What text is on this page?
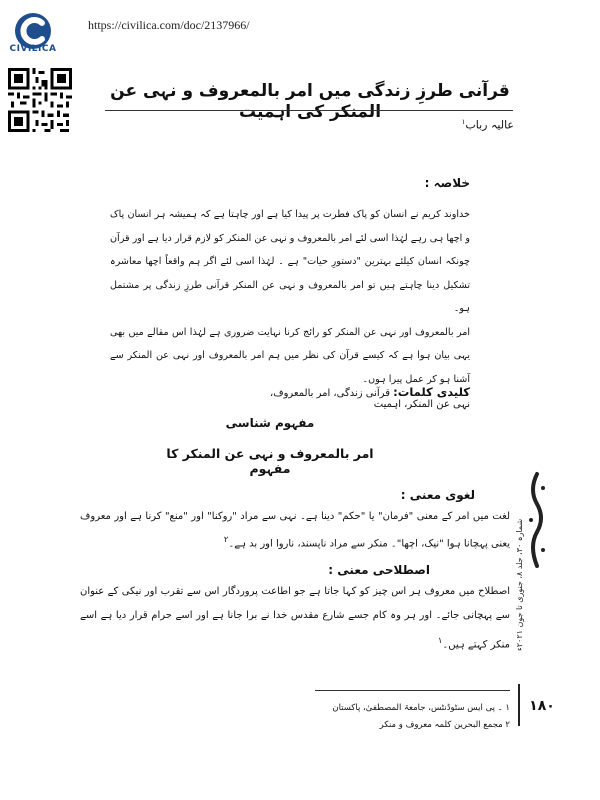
CIVILICA
https://civilica.com/doc/2137966/
قرآنی طرزِ زندگی میں امر بالمعروف و نہی عن المنکر کی اہمیت
عالیہ رباب$^١$
خلاصہ :

خداوند کریم نے انسان کو پاک فطرت پر پیدا کیا ہے اور چاہتا ہے کہ ہمیشہ ہر انسان پاک و اچھا ہی رہے لہٰذا اسی لئے امر بالمعروف و نہی عن المنکر کو لازم قرار دیا ہے اور قرآن چونکہ انسان کیلئے بہترین "دستورِ حیات" ہے ۔ لہٰذا اسی لئے اگر ہم واقعاً اچھا معاشرہ تشکیل دینا چاہتے ہیں تو امر بالمعروف و نہی عن المنکر قرآنی طرزِ زندگی پر مشتمل ہو۔

امر بالمعروف اور نہی عن المنکر کو رائج کرنا نہایت ضروری ہے لہٰذا اس مقالے میں بھی یہی بیان ہوا ہے کہ کیسے قرآن کی نظر میں ہم امر بالمعروف اور نہی عن المنکر سے آشنا ہو کر عمل پیرا ہوں۔

کلیدی کلمات: قرآنی زندگی، امر بالمعروف، نہی عن المنکر، اہمیت
مفہوم شناسی
امر بالمعروف و نہی عن المنکر کا مفہوم
لغوی معنی :

لغت میں امر کے معنی "فرمان" یا "حکم" دینا ہے۔ نہی سے مراد "روکنا" اور "منع" کرنا ہے اور معروف یعنی پہچانا ہوا "نیک، اچھا"۔ منکر سے مراد ناپسند، ناروا اور بد ہے۔$^٢$

اصطلاحی معنی :

اصطلاح میں معروف ہر اس چیز کو کہا جاتا ہے جو اطاعت پروردگار اس سے تقرب اور نیکی کے عنوان سے پہچانی جائے۔ اور ہر وہ کام جسے شارع مقدس خدا نے برا جانا ہے اور اسے حرام قرار دیا ہے اسے منکر کہتے ہیں۔$^١$

١ ۔ پی ایس سٹوڈنٹس، جامعۃ المصطفیٰ، پاکستان
٢ مجمع البحرین کلمہ معروف و منکر
شمارہ ۳۰، جلد ۸، جنوری تا جون ۲۰۲۱ء
١٨٠
